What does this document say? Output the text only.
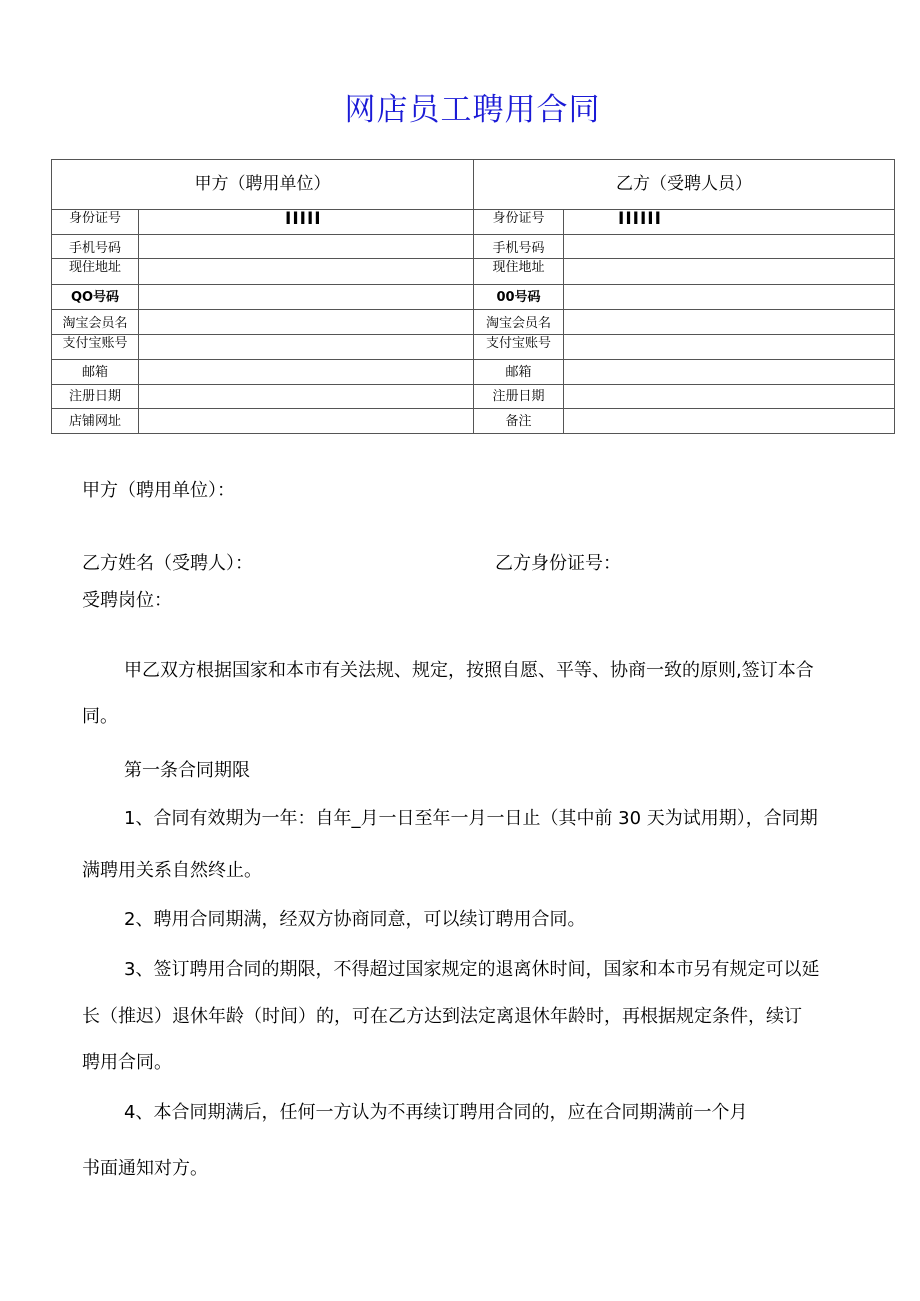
网店员工聘用合同
甲方（聘用单位）		乙方（受聘人员）	
身份证号	IIIII	身份证号	IIIIII
手机号码		手机号码	
现住地址		现住地址	
QO号码		00号码	
淘宝会员名		淘宝会员名	
支付宝账号		支付宝账号	
邮箱		邮箱	
注册日期		注册日期	
店铺网址		备注	
甲方（聘用单位）：
乙方姓名（受聘人）：	乙方身份证号：
受聘岗位：
甲乙双方根据国家和本市有关法规、规定，按照自愿、平等、协商一致的原则,签订本合
同。
第一条合同期限
1、合同有效期为一年：自年_月一日至年一月一日止（其中前 30 天为试用期），合同期
满聘用关系自然终止。
2、聘用合同期满，经双方协商同意，可以续订聘用合同。
3、签订聘用合同的期限，不得超过国家规定的退离休时间，国家和本市另有规定可以延
长（推迟）退休年龄（时间）的，可在乙方达到法定离退休年龄时，再根据规定条件，续订
聘用合同。
4、本合同期满后，任何一方认为不再续订聘用合同的，应在合同期满前一个月
书面通知对方。
